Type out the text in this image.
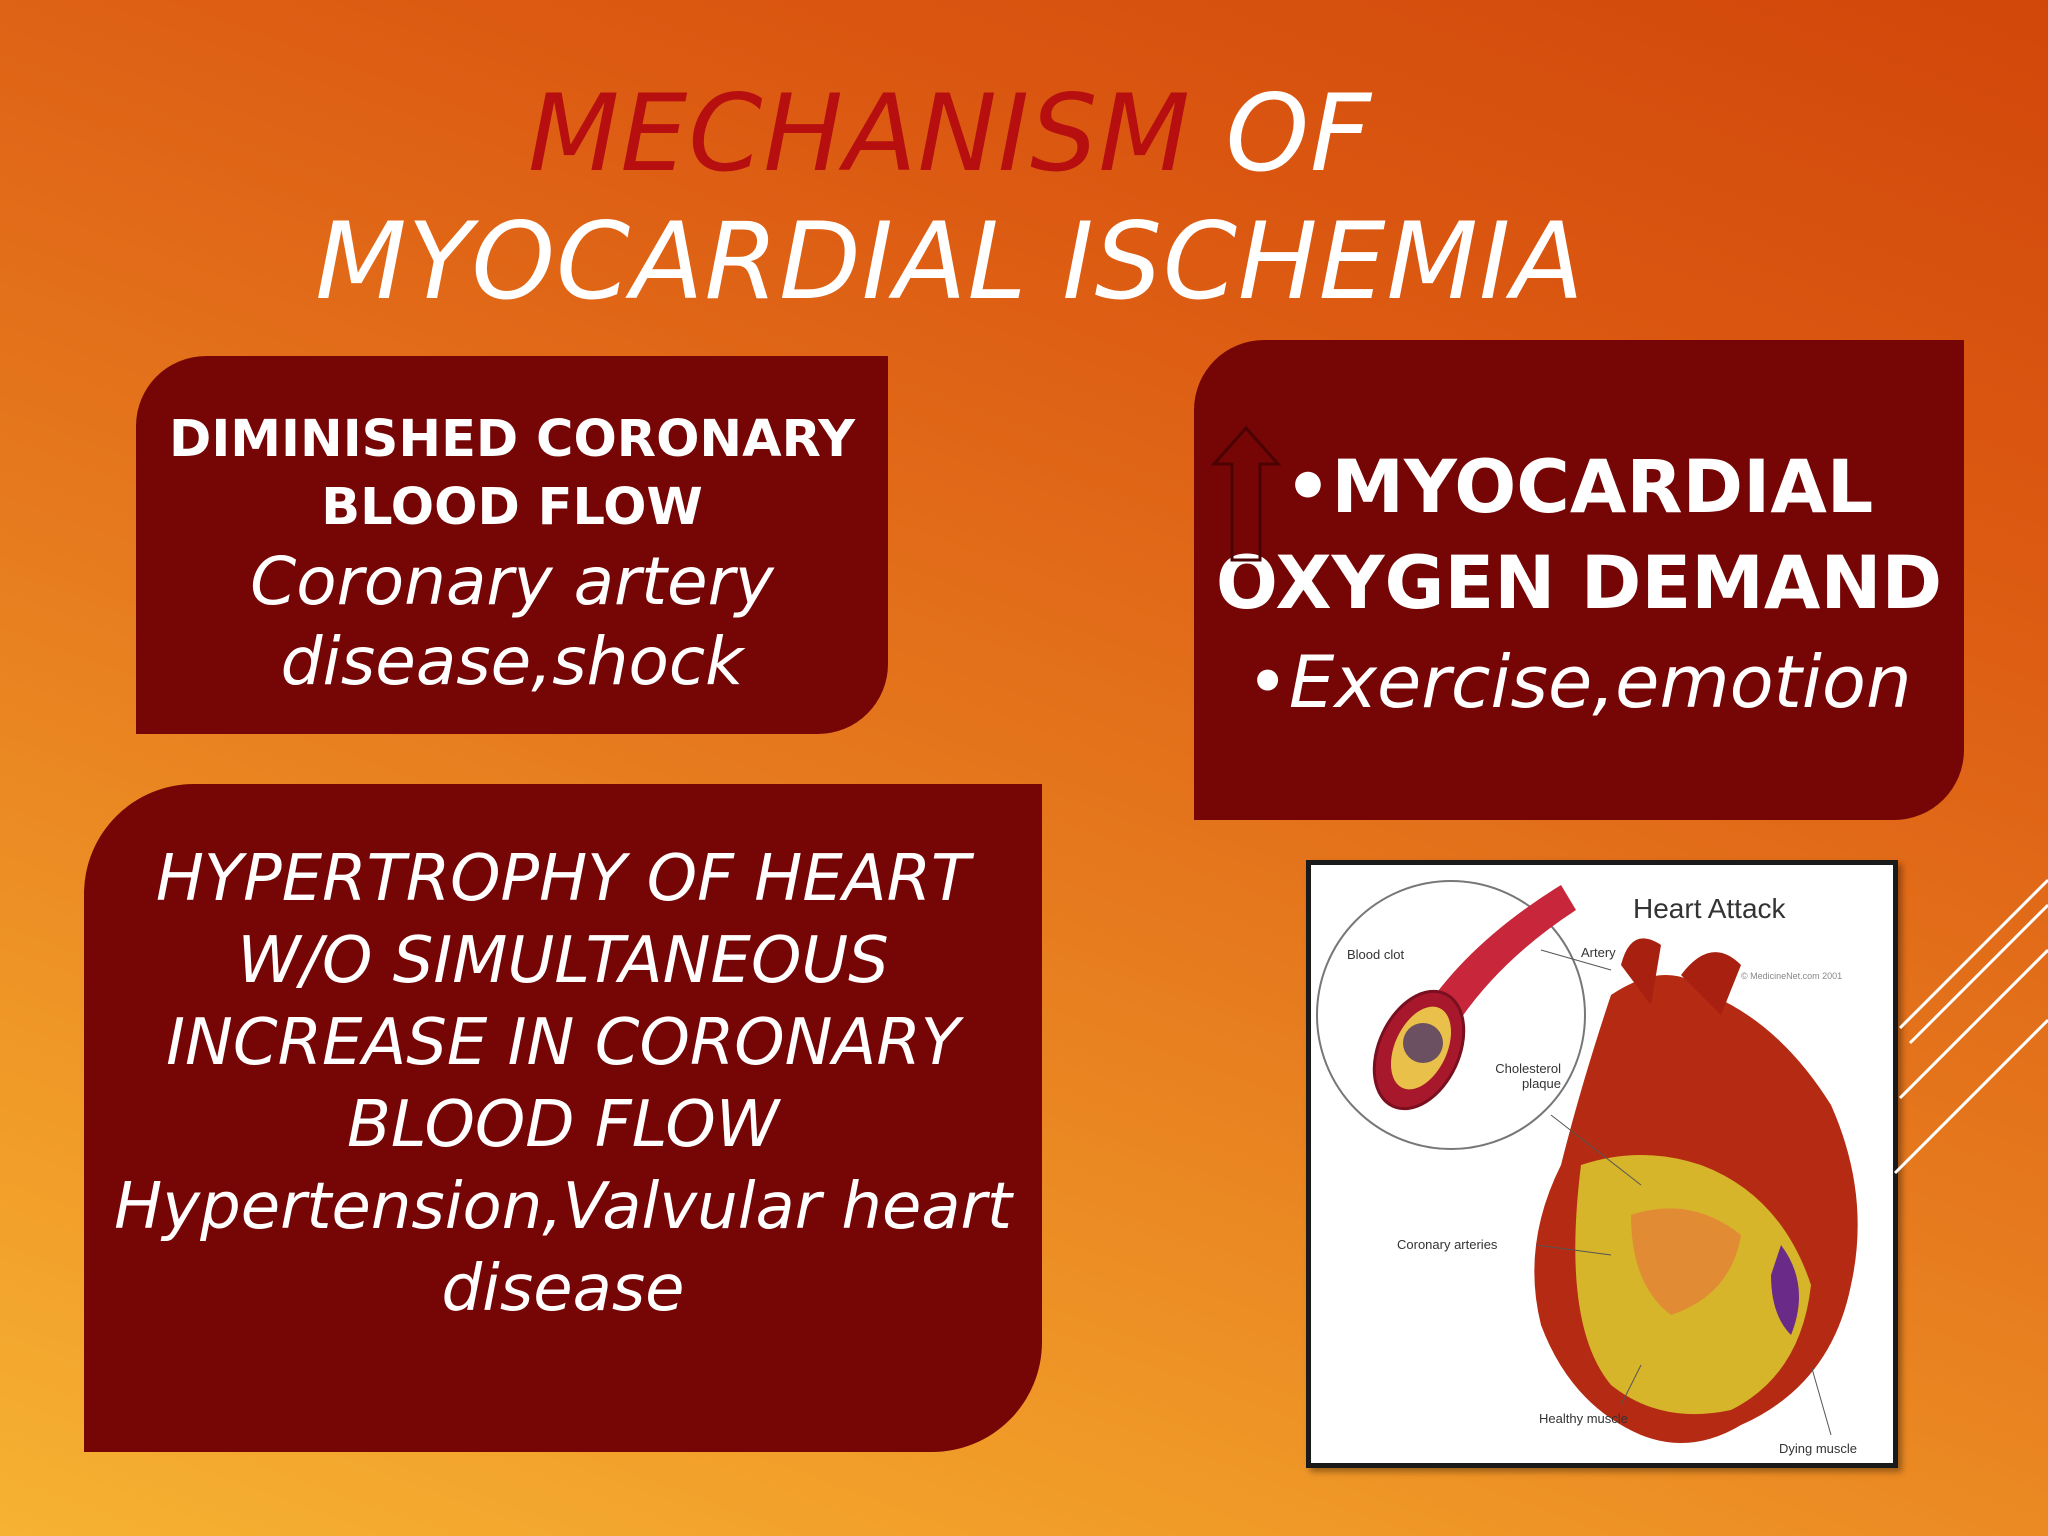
MECHANISM OF
MYOCARDIAL ISCHEMIA
DIMINISHED CORONARY
BLOOD FLOW
Coronary artery
disease,shock
•MYOCARDIAL
OXYGEN DEMAND
•Exercise,emotion
HYPERTROPHY OF HEART
W/O SIMULTANEOUS
INCREASE IN CORONARY
BLOOD FLOW
Hypertension,Valvular heart
disease
Heart Attack
Blood clot	Artery
© MedicineNet.com 2001
Cholesterol plaque
Coronary arteries
Healthy muscle
Dying muscle
